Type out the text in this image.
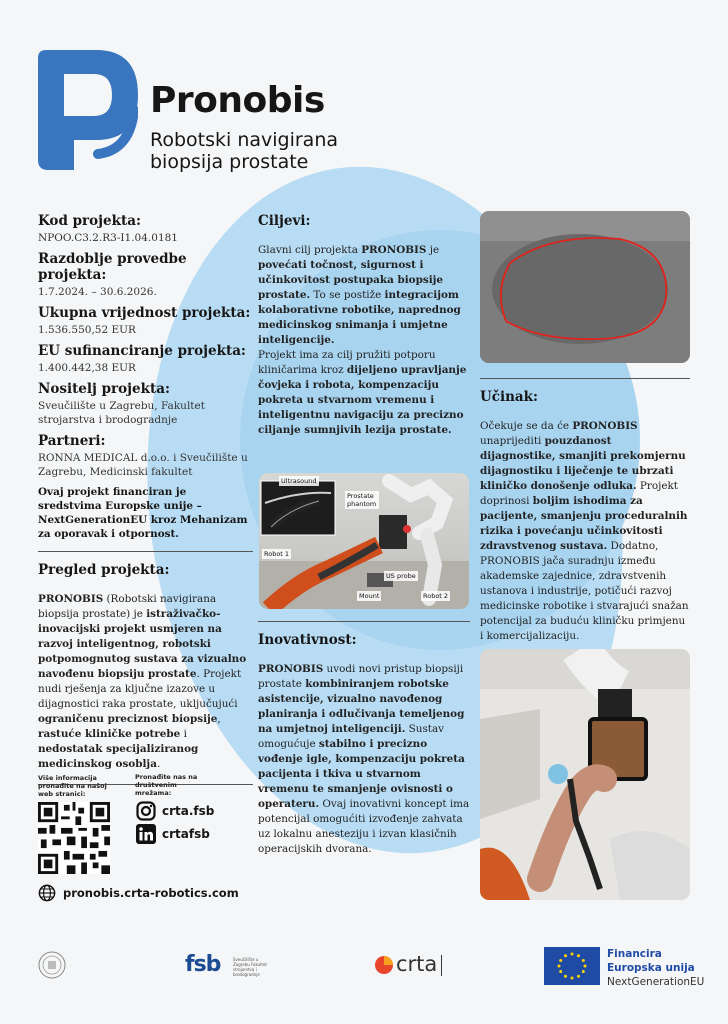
Pronobis
Robotski navigirana
biopsija prostate

Kod projekta:

NPOO.C3.2.R3-I1.04.0181

Razdoblje provedbe projekta:

1.7.2024. – 30.6.2026.

Ukupna vrijednost projekta:

1.536.550,52 EUR

EU sufinanciranje projekta:

1.400.442,38 EUR

Nositelj projekta:

Sveučilište u Zagrebu, Fakultet strojarstva i brodogradnje

Partneri:

RONNA MEDICAL d.o.o. i Sveučilište u Zagrebu, Medicinski fakultet

Ovaj projekt financiran je sredstvima Europske unije – NextGenerationEU kroz Mehanizam za oporavak i otpornost.

Pregled projekta:

PRONOBIS (Robotski navigirana biopsija prostate) je istraživačko-inovacijski projekt usmjeren na razvoj inteligentnog, robotski potpomognutog sustava za vizualno navođenu biopsiju prostate. Projekt nudi rješenja za ključne izazove u dijagnostici raka prostate, uključujući ograničenu preciznost biopsije, rastuće kliničke potrebe i nedostatak specijaliziranog medicinskog osoblja.

Više informacija pronađite na našoj web stranici:
Pronađite nas na društvenim mrežama:
crta.fsb
crtafsb
pronobis.crta-robotics.com

Ciljevi:

Glavni cilj projekta PRONOBIS je povećati točnost, sigurnost i učinkovitost postupaka biopsije prostate. To se postiže integracijom kolaborativne robotike, naprednog medicinskog snimanja i umjetne inteligencije.

Projekt ima za cilj pružiti potporu kliničarima kroz dijeljeno upravljanje čovjeka i robota, kompenzaciju pokreta u stvarnom vremenu i inteligentnu navigaciju za precizno ciljanje sumnjivih lezija prostate.

Ultrasound
Prostate phantom
Robot 1
US probe
Mount	Robot 2

Inovativnost:

PRONOBIS uvodi novi pristup biopsiji prostate kombiniranjem robotske asistencije, vizualno navođenog planiranja i odlučivanja temeljenog na umjetnoj inteligenciji. Sustav omogućuje stabilno i precizno vođenje igle, kompenzaciju pokreta pacijenta i tkiva u stvarnom vremenu te smanjenje ovisnosti o operateru. Ovaj inovativni koncept ima potencijal omogućiti izvođenje zahvata uz lokalnu anesteziju i izvan klasičnih operacijskih dvorana.

Učinak:

Očekuje se da će PRONOBIS unaprijediti pouzdanost dijagnostike, smanjiti prekomjernu dijagnostiku i liječenje te ubrzati kliničko donošenje odluka. Projekt doprinosi boljim ishodima za pacijente, smanjenju proceduralnih rizika i povećanju učinkovitosti zdravstvenog sustava. Dodatno, PRONOBIS jača suradnju između akademske zajednice, zdravstvenih ustanova i industrije, potičući razvoj medicinske robotike i stvarajući snažan potencijal za buduću kliničku primjenu i komercijalizaciju.

fsb	Sveučilište u Zagrebu Fakultet strojarstva i brodogradnje	crta	Financira
Europska unija
NextGenerationEU
